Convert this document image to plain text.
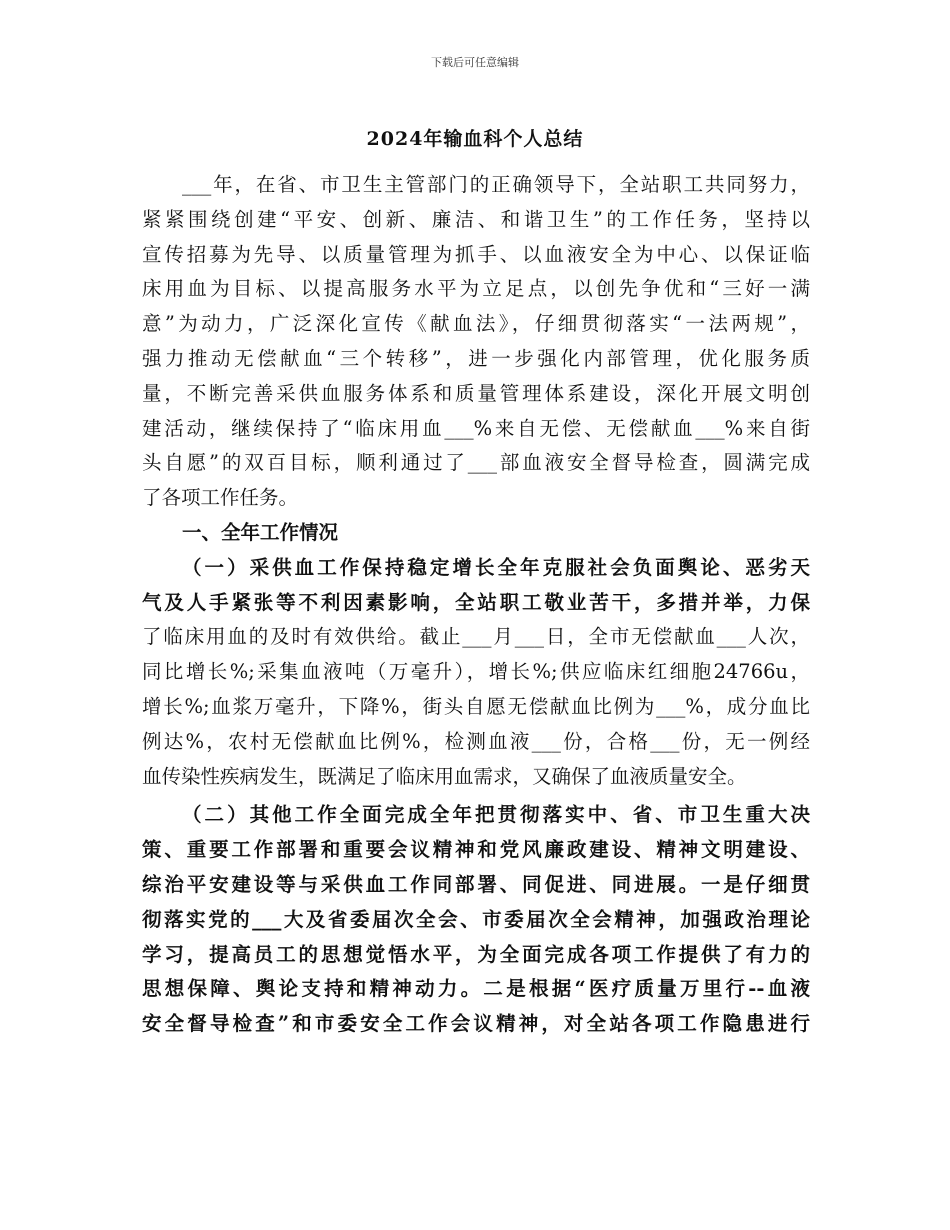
下载后可任意编辑
2024年输血科个人总结
___年，在省、市卫生主管部门的正确领导下，全站职工共同努力，
紧紧围绕创建“平安、创新、廉洁、和谐卫生”的工作任务，坚持以
宣传招募为先导、以质量管理为抓手、以血液安全为中心、以保证临
床用血为目标、以提高服务水平为立足点，以创先争优和“三好一满
意”为动力，广泛深化宣传《献血法》，仔细贯彻落实“一法两规”，
强力推动无偿献血“三个转移”，进一步强化内部管理，优化服务质
量，不断完善采供血服务体系和质量管理体系建设，深化开展文明创
建活动，继续保持了“临床用血___%来自无偿、无偿献血___%来自街
头自愿”的双百目标，顺利通过了___部血液安全督导检查，圆满完成
了各项工作任务。
一、全年工作情况
（一）采供血工作保持稳定增长全年克服社会负面舆论、恶劣天
气及人手紧张等不利因素影响，全站职工敬业苦干，多措并举，力保
了临床用血的及时有效供给。截止___月___日，全市无偿献血___人次，
同比增长%;采集血液吨（万毫升），增长%;供应临床红细胞24766u，
增长%;血浆万毫升，下降%，街头自愿无偿献血比例为___%，成分血比
例达%，农村无偿献血比例%，检测血液___份，合格___份，无一例经
血传染性疾病发生，既满足了临床用血需求，又确保了血液质量安全。
（二）其他工作全面完成全年把贯彻落实中、省、市卫生重大决
策、重要工作部署和重要会议精神和党风廉政建设、精神文明建设、
综治平安建设等与采供血工作同部署、同促进、同进展。一是仔细贯
彻落实党的___大及省委届次全会、市委届次全会精神，加强政治理论
学习，提高员工的思想觉悟水平，为全面完成各项工作提供了有力的
思想保障、舆论支持和精神动力。二是根据“医疗质量万里行--血液
安全督导检查”和市委安全工作会议精神，对全站各项工作隐患进行
